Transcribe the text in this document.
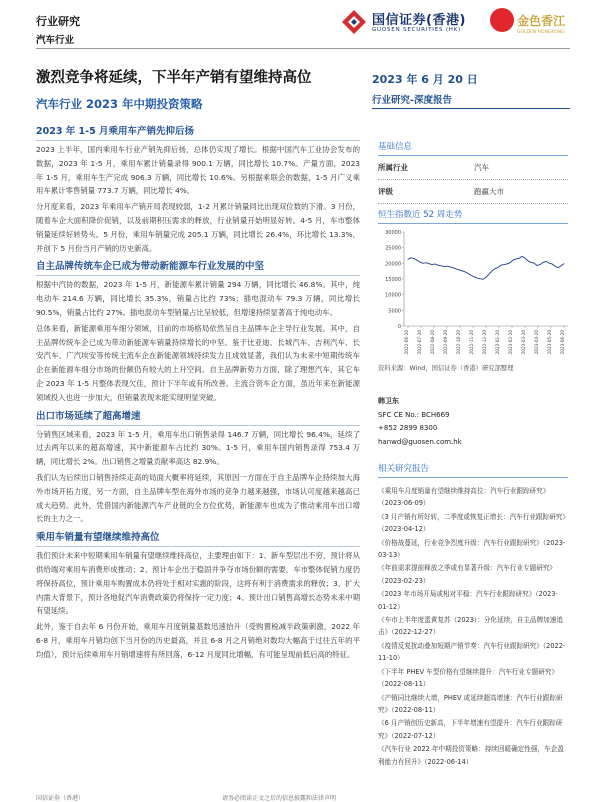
行业研究
汽车行业
国信证券(香港)
GUOSEN SECURITIES (HK)
金色香江
GOLDEN HONGKONG
激烈竞争将延续，下半年产销有望维持高位
汽车行业 2023 年中期投资策略
2023 年 6 月 20 日
行业研究-深度报告
2023 年 1-5 月乘用车产销先抑后扬

2023 上半年，国内乘用车行业产销先抑后扬，总体仍实现了增长。根据中国汽车工业协会发布的数据，2023 年 1-5 月，乘用车累计销量录得 900.1 万辆，同比增长 10.7%。产量方面，2023 年 1-5 月，乘用车生产完成 906.3 万辆，同比增长 10.6%。另根据乘联会的数据，1-5 月广义乘用车累计零售销量 773.7 万辆，同比增长 4%。

分月度来看，2023 年乘用车产销开局表现较弱，1-2 月累计销量同比出现双位数的下滑。3 月份，随着车企大面积降价促销，以及前期积压需求的释放，行业销量开始明显好转。4-5 月，车市整体销量延续好转势头。5 月份，乘用车销量完成 205.1 万辆，同比增长 26.4%，环比增长 13.3%，并创下 5 月份当月产销的历史新高。

自主品牌传统车企已成为带动新能源车行业发展的中坚

根据中汽协的数据，2023 年 1-5 月，新能源车累计销量 294 万辆，同比增长 46.8%。其中，纯电动车 214.6 万辆，同比增长 35.3%，销量占比约 73%；插电混动车 79.3 万辆，同比增长 90.5%，销量占比约 27%。插电混动车型销量占比呈较低，但增速持续显著高于纯电动车。

总体来看，新能源乘用车细分领域，目前的市场格局依然呈自主品牌车企主导行业发展。其中，自主品牌传统车企已成为带动新能源车销量持续增长的中坚。鉴于比亚迪、长城汽车、吉利汽车、长安汽车、广汽埃安等传统主流车企在新能源领域持续发力且成效显著，我们认为未来中短期传统车企在新能源车细分市场的份额仍有较大的上升空间。自主品牌新势力方面，除了理想汽车，其它车企 2023 年 1-5 月整体表现欠佳，预计下半年或有所改善。主流合资车企方面，虽近年来在新能源领域投入也进一步加大，但销量表现未能实现明显突破。

出口市场延续了超高增速

分销售区域来看，2023 年 1-5 月，乘用车出口销售录得 146.7 万辆，同比增长 96.4%，延续了过去两年以来的超高增速，其中新能源车占比约 30%。1-5 月，乘用车国内销售录得 753.4 万辆，同比增长 2%。出口销售之增量贡献率高达 82.9%。

我们认为后续出口销售持续走高的局面大概率将延续，其原因一方面在于自主品牌车企持续加大海外市场开拓力度，另一方面，自主品牌车型在海外市场的竞争力越来越强，市场认可度越来越高已成大趋势。此外，凭借国内新能源汽车产业链的全方位优势，新能源车也成为了推动乘用车出口增长的主力之一。

乘用车销量有望继续维持高位

我们预计未来中短期乘用车销量有望继续维持高位，主要理由如下：1、新车型层出不穷，预计将从供给端对乘用车消费形成推动；2、预计车企出于稳固并争夺市场份额的需要，车市整体促销力度仍将保持高位，预计乘用车购置成本仍将处于相对实惠的阶段，这将有利于消费需求的释放；3、扩大内需大背景下，预计各地促汽车消费政策仍将保持一定力度；4、预计出口销售高增长态势未来中期有望延续。

此外，鉴于自去年 6 月份开始，乘用车月度销量基数迅速抬升（受购置税减半政策刺激，2022 年 6-8 月，乘用车月销均创下当月份的历史最高，并且 6-8 月之月销绝对数均大幅高于过往五年的平均值），预计后续乘用车月销增速将有所回落，6-12 月度同比增幅，有可能呈现前低后高的特征。

基础信息
所属行业	汽车
评级	跑赢大市
恒生指数近 52 周走势
0
5000
10000
15000
20000
25000
30000
2022-06-20 2022-07-20 2022-08-20 2022-09-20 2022-10-20 2022-11-20 2022-12-20 2023-01-20 2023-02-20 2023-03-20 2023-04-20 2023-05-20 2023-06-20
资料来源：Wind，国信证券（香港）研究部整理
韩卫东
SFC CE No.: BCH669
+852 2899 8300
hanwd@guosen.com.hk
相关研究报告
《乘用车月度销量有望继续维持高位：汽车行业跟踪研究》（2023-06-09）
《3 月产销有所好转，二季度或恢复正增长：汽车行业跟踪研究》（2023-04-12）
《价格战蔓延，行业竞争烈度升级：汽车行业跟踪研究》（2023-03-13）
《年前需求提前释放之季或有显著升级：汽车行业专题研究》（2023-02-23）
《2023 年市场开局或相对平稳：汽车行业跟踪研究》（2023-01-12）
《车市上半年度蛋黄复苏（2023）：分化延续，自主品牌加速追击》（2022-12-27）
《疫情反复扰动叠加短期产销节奏：汽车行业跟踪研究》（2022-11-10）
《下半年 PHEV 车型价格有望继续提升：汽车行业专题研究》（2022-08-11）
《产销同比继续大增，PHEV 或延续超高增速：汽车行业跟踪研究》（2022-08-11）
《6 月产销创历史新高，下半年增速有望提升：汽车行业跟踪研究》（2022-07-12）
《汽车行业 2022 年中期投资策略：持续回暖确定性强，车企盈利能力有回升》（2022-06-14）
国信证券（香港）	请务必阅读正文之后的信息披露和法律声明
